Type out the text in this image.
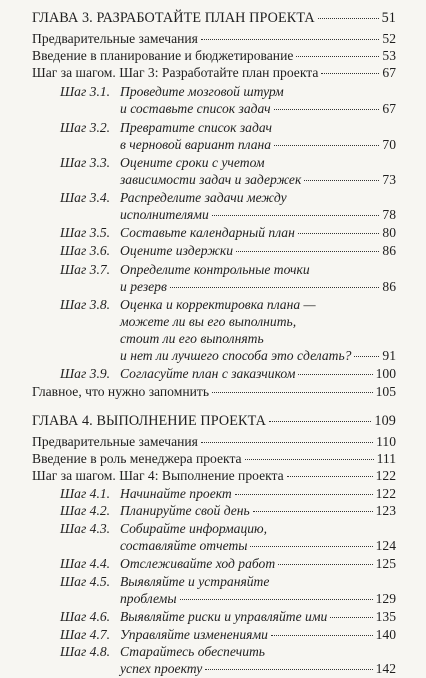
ГЛАВА 3. РАЗРАБОТАЙТЕ ПЛАН ПРОЕКТА	51
Предварительные замечания	52
Введение в планирование и бюджетирование	53
Шаг за шагом. Шаг 3: Разработайте план проекта	67
Шаг 3.1. Проведите мозговой штурм
и составьте список задач	67
Шаг 3.2. Превратите список задач
в черновой вариант плана	70
Шаг 3.3. Оцените сроки с учетом
зависимости задач и задержек	73
Шаг 3.4. Распределите задачи между
исполнителями	78
Шаг 3.5. Составьте календарный план	80
Шаг 3.6. Оцените издержки	86
Шаг 3.7. Определите контрольные точки
и резерв	86
Шаг 3.8. Оценка и корректировка плана —
можете ли вы его выполнить,
стоит ли его выполнять
и нет ли лучшего способа это сделать? 91
Шаг 3.9. Согласуйте план с заказчиком	100
Главное, что нужно запомнить	105
ГЛАВА 4. ВЫПОЛНЕНИЕ ПРОЕКТА	109
Предварительные замечания	110
Введение в роль менеджера проекта	111
Шаг за шагом. Шаг 4: Выполнение проекта	122
Шаг 4.1. Начинайте проект	122
Шаг 4.2. Планируйте свой день	123
Шаг 4.3. Собирайте информацию,
составляйте отчеты	124
Шаг 4.4. Отслеживайте ход работ	125
Шаг 4.5. Выявляйте и устраняйте
проблемы	129
Шаг 4.6. Выявляйте риски и управляйте ими	135
Шаг 4.7. Управляйте изменениями	140
Шаг 4.8. Старайтесь обеспечить
успех проекту	142
